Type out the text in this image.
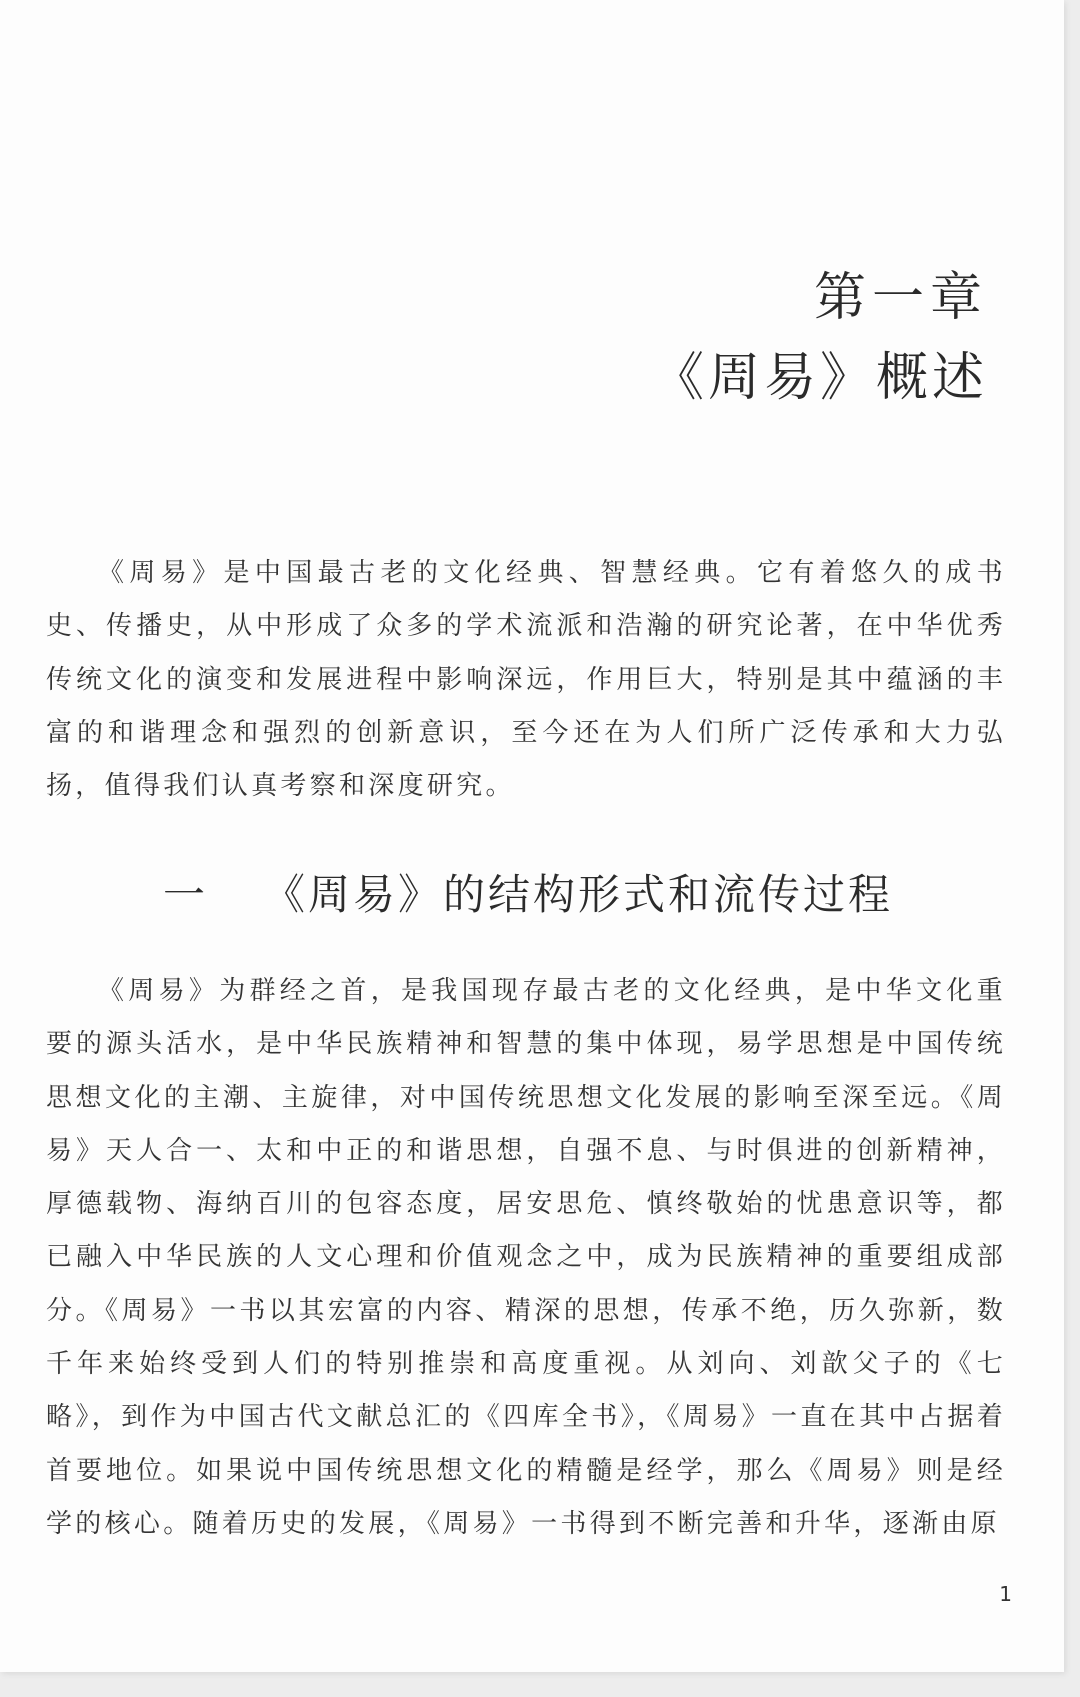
第一章
《周易》概述

《周易》是中国最古老的文化经典、智慧经典。它有着悠久的成书史、传播史，从中形成了众多的学术流派和浩瀚的研究论著，在中华优秀传统文化的演变和发展进程中影响深远，作用巨大，特别是其中蕴涵的丰富的和谐理念和强烈的创新意识，至今还在为人们所广泛传承和大力弘扬，值得我们认真考察和深度研究。

一 《周易》的结构形式和流传过程

《周易》为群经之首，是我国现存最古老的文化经典，是中华文化重要的源头活水，是中华民族精神和智慧的集中体现，易学思想是中国传统思想文化的主潮、主旋律，对中国传统思想文化发展的影响至深至远。《周易》天人合一、太和中正的和谐思想，自强不息、与时俱进的创新精神，厚德载物、海纳百川的包容态度，居安思危、慎终敬始的忧患意识等，都已融入中华民族的人文心理和价值观念之中，成为民族精神的重要组成部分。《周易》一书以其宏富的内容、精深的思想，传承不绝，历久弥新，数千年来始终受到人们的特别推崇和高度重视。从刘向、刘歆父子的《七略》，到作为中国古代文献总汇的《四库全书》，《周易》一直在其中占据着首要地位。如果说中国传统思想文化的精髓是经学，那么《周易》则是经学的核心。随着历史的发展，《周易》一书得到不断完善和升华，逐渐由原

1
